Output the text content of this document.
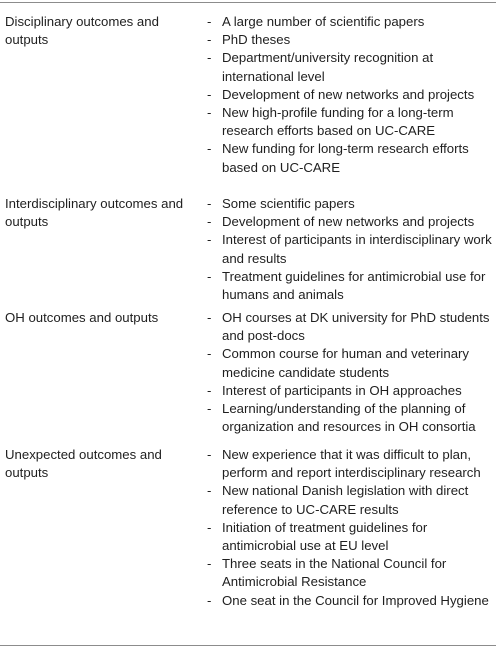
Disciplinary outcomes and outputs

- A large number of scientific papers
- PhD theses
- Department/university recognition at international level
- Development of new networks and projects
- New high-profile funding for a long-term research efforts based on UC-CARE
- New funding for long-term research efforts based on UC-CARE

Interdisciplinary outcomes and outputs

- Some scientific papers
- Development of new networks and projects
- Interest of participants in interdisciplinary work and results
- Treatment guidelines for antimicrobial use for humans and animals

OH outcomes and outputs	- OH courses at DK university for PhD students and post-docs
- Common course for human and veterinary medicine candidate students
- Interest of participants in OH approaches
- Learning/understanding of the planning of organization and resources in OH consortia

Unexpected outcomes and outputs

- New experience that it was difficult to plan, perform and report interdisciplinary research
- New national Danish legislation with direct reference to UC-CARE results
- Initiation of treatment guidelines for antimicrobial use at EU level
- Three seats in the National Council for Antimicrobial Resistance
- One seat in the Council for Improved Hygiene
